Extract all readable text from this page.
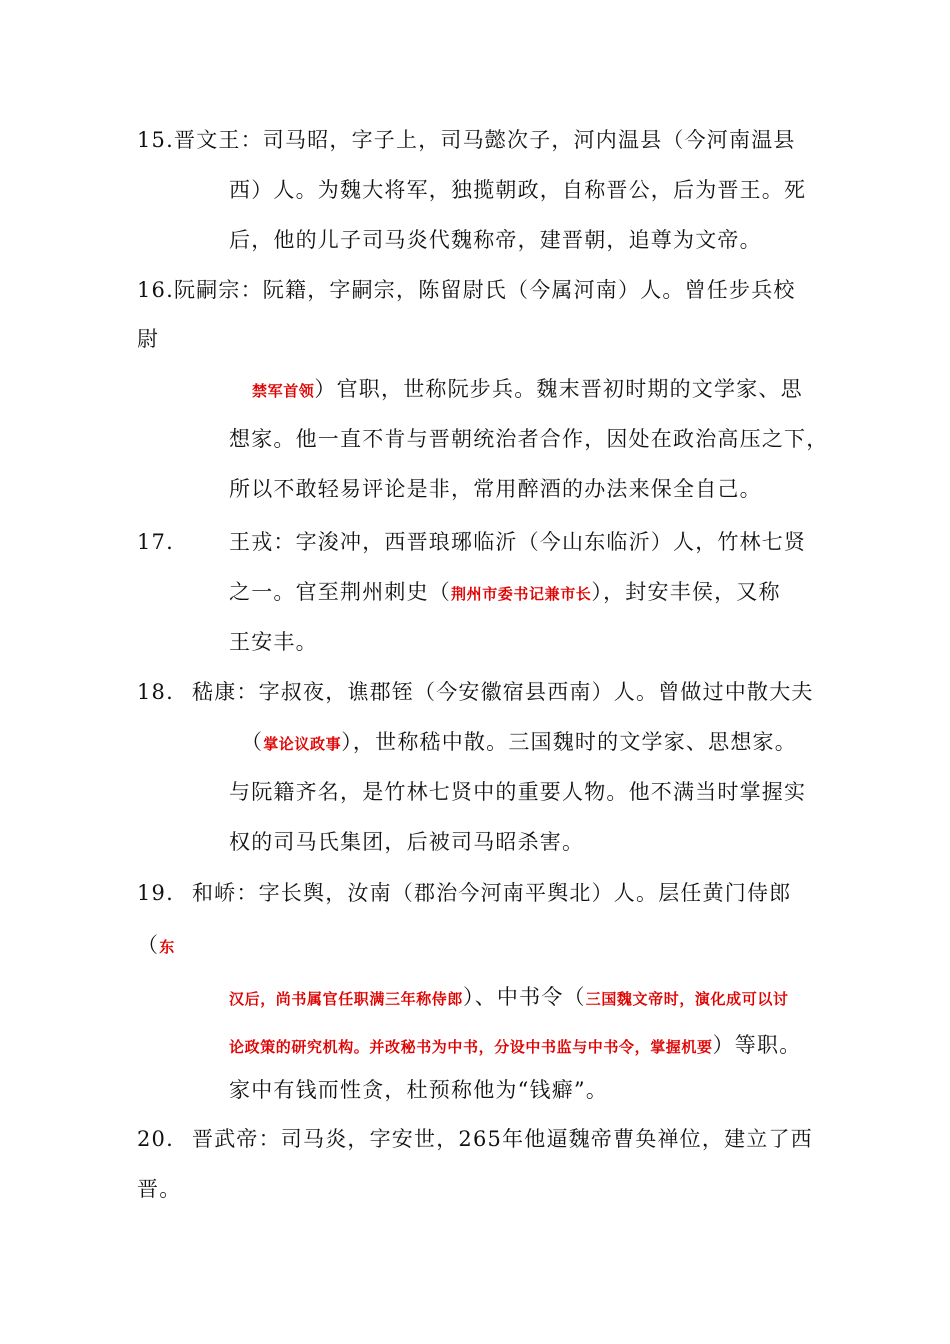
15.晋文王：司马昭，字子上，司马懿次子，河内温县（今河南温县
西）人。为魏大将军，独揽朝政，自称晋公，后为晋王。死
后，他的儿子司马炎代魏称帝，建晋朝，追尊为文帝。
16.阮嗣宗：阮籍，字嗣宗，陈留尉氏（今属河南）人。曾任步兵校
尉
禁军首领）官职，世称阮步兵。魏末晋初时期的文学家、思
想家。他一直不肯与晋朝统治者合作，因处在政治高压之下，
所以不敢轻易评论是非，常用醉酒的办法来保全自己。
17.	王戎：字浚冲，西晋琅琊临沂（今山东临沂）人，竹林七贤
之一。官至荆州刺史（荆州市委书记兼市长），封安丰侯，又称
王安丰。
18. 嵇康：字叔夜，谯郡铚（今安徽宿县西南）人。曾做过中散大夫
（掌论议政事），世称嵇中散。三国魏时的文学家、思想家。
与阮籍齐名，是竹林七贤中的重要人物。他不满当时掌握实
权的司马氏集团，后被司马昭杀害。
19. 和峤：字长舆，汝南（郡治今河南平舆北）人。层任黄门侍郎
（东
汉后，尚书属官任职满三年称侍郎）、中书令（三国魏文帝时，演化成可以讨
论政策的研究机构。并改秘书为中书，分设中书监与中书令，掌握机要）等职。
家中有钱而性贪，杜预称他为“钱癖”。
20. 晋武帝：司马炎，字安世，265年他逼魏帝曹奂禅位，建立了西
晋。
